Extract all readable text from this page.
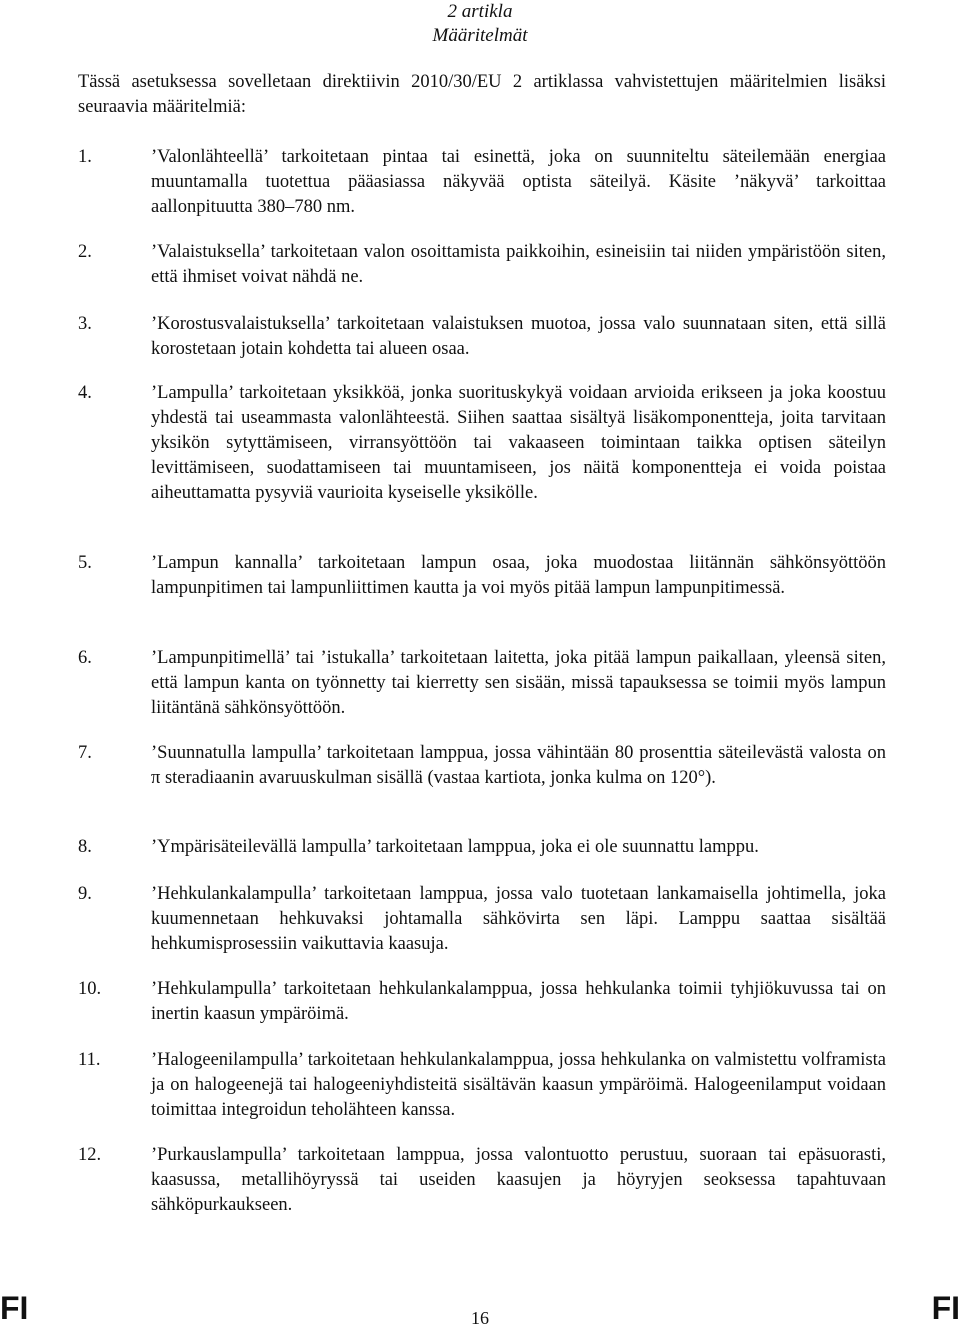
2 artikla
Määritelmät
Tässä asetuksessa sovelletaan direktiivin 2010/30/EU 2 artiklassa vahvistettujen määritelmien lisäksi seuraavia määritelmiä:
1.	’Valonlähteellä’ tarkoitetaan pintaa tai esinettä, joka on suunniteltu säteilemään energiaa muuntamalla tuotettua pääasiassa näkyvää optista säteilyä. Käsite ’näkyvä’ tarkoittaa aallonpituutta 380–780 nm.
2.	’Valaistuksella’ tarkoitetaan valon osoittamista paikkoihin, esineisiin tai niiden ympäristöön siten, että ihmiset voivat nähdä ne.
3.	’Korostusvalaistuksella’ tarkoitetaan valaistuksen muotoa, jossa valo suunnataan siten, että sillä korostetaan jotain kohdetta tai alueen osaa.
4.	’Lampulla’ tarkoitetaan yksikköä, jonka suorituskykyä voidaan arvioida erikseen ja joka koostuu yhdestä tai useammasta valonlähteestä. Siihen saattaa sisältyä lisäkomponentteja, joita tarvitaan yksikön sytyttämiseen, virransyöttöön tai vakaaseen toimintaan taikka optisen säteilyn levittämiseen, suodattamiseen tai muuntamiseen, jos näitä komponentteja ei voida poistaa aiheuttamatta pysyviä vaurioita kyseiselle yksikölle.
5.	’Lampun kannalla’ tarkoitetaan lampun osaa, joka muodostaa liitännän sähkönsyöttöön lampunpitimen tai lampunliittimen kautta ja voi myös pitää lampun lampunpitimessä.
6.	’Lampunpitimellä’ tai ’istukalla’ tarkoitetaan laitetta, joka pitää lampun paikallaan, yleensä siten, että lampun kanta on työnnetty tai kierretty sen sisään, missä tapauksessa se toimii myös lampun liitäntänä sähkönsyöttöön.
7.	’Suunnatulla lampulla’ tarkoitetaan lamppua, jossa vähintään 80 prosenttia säteilevästä valosta on π steradiaanin avaruuskulman sisällä (vastaa kartiota, jonka kulma on 120°).
8.	’Ympärisäteilevällä lampulla’ tarkoitetaan lamppua, joka ei ole suunnattu lamppu.
9.	’Hehkulankalampulla’ tarkoitetaan lamppua, jossa valo tuotetaan lankamaisella johtimella, joka kuumennetaan hehkuvaksi johtamalla sähkövirta sen läpi. Lamppu saattaa sisältää hehkumisprosessiin vaikuttavia kaasuja.
10.	’Hehkulampulla’ tarkoitetaan hehkulankalamppua, jossa hehkulanka toimii tyhjiökuvussa tai on inertin kaasun ympäröimä.
11.	’Halogeenilampulla’ tarkoitetaan hehkulankalamppua, jossa hehkulanka on valmistettu volframista ja on halogeenejä tai halogeeniyhdisteitä sisältävän kaasun ympäröimä. Halogeenilamput voidaan toimittaa integroidun teholähteen kanssa.
12.	’Purkauslampulla’ tarkoitetaan lamppua, jossa valontuotto perustuu, suoraan tai epäsuorasti, kaasussa, metallihöyryssä tai useiden kaasujen ja höyryjen seoksessa tapahtuvaan sähköpurkaukseen.
FI	16	FI
